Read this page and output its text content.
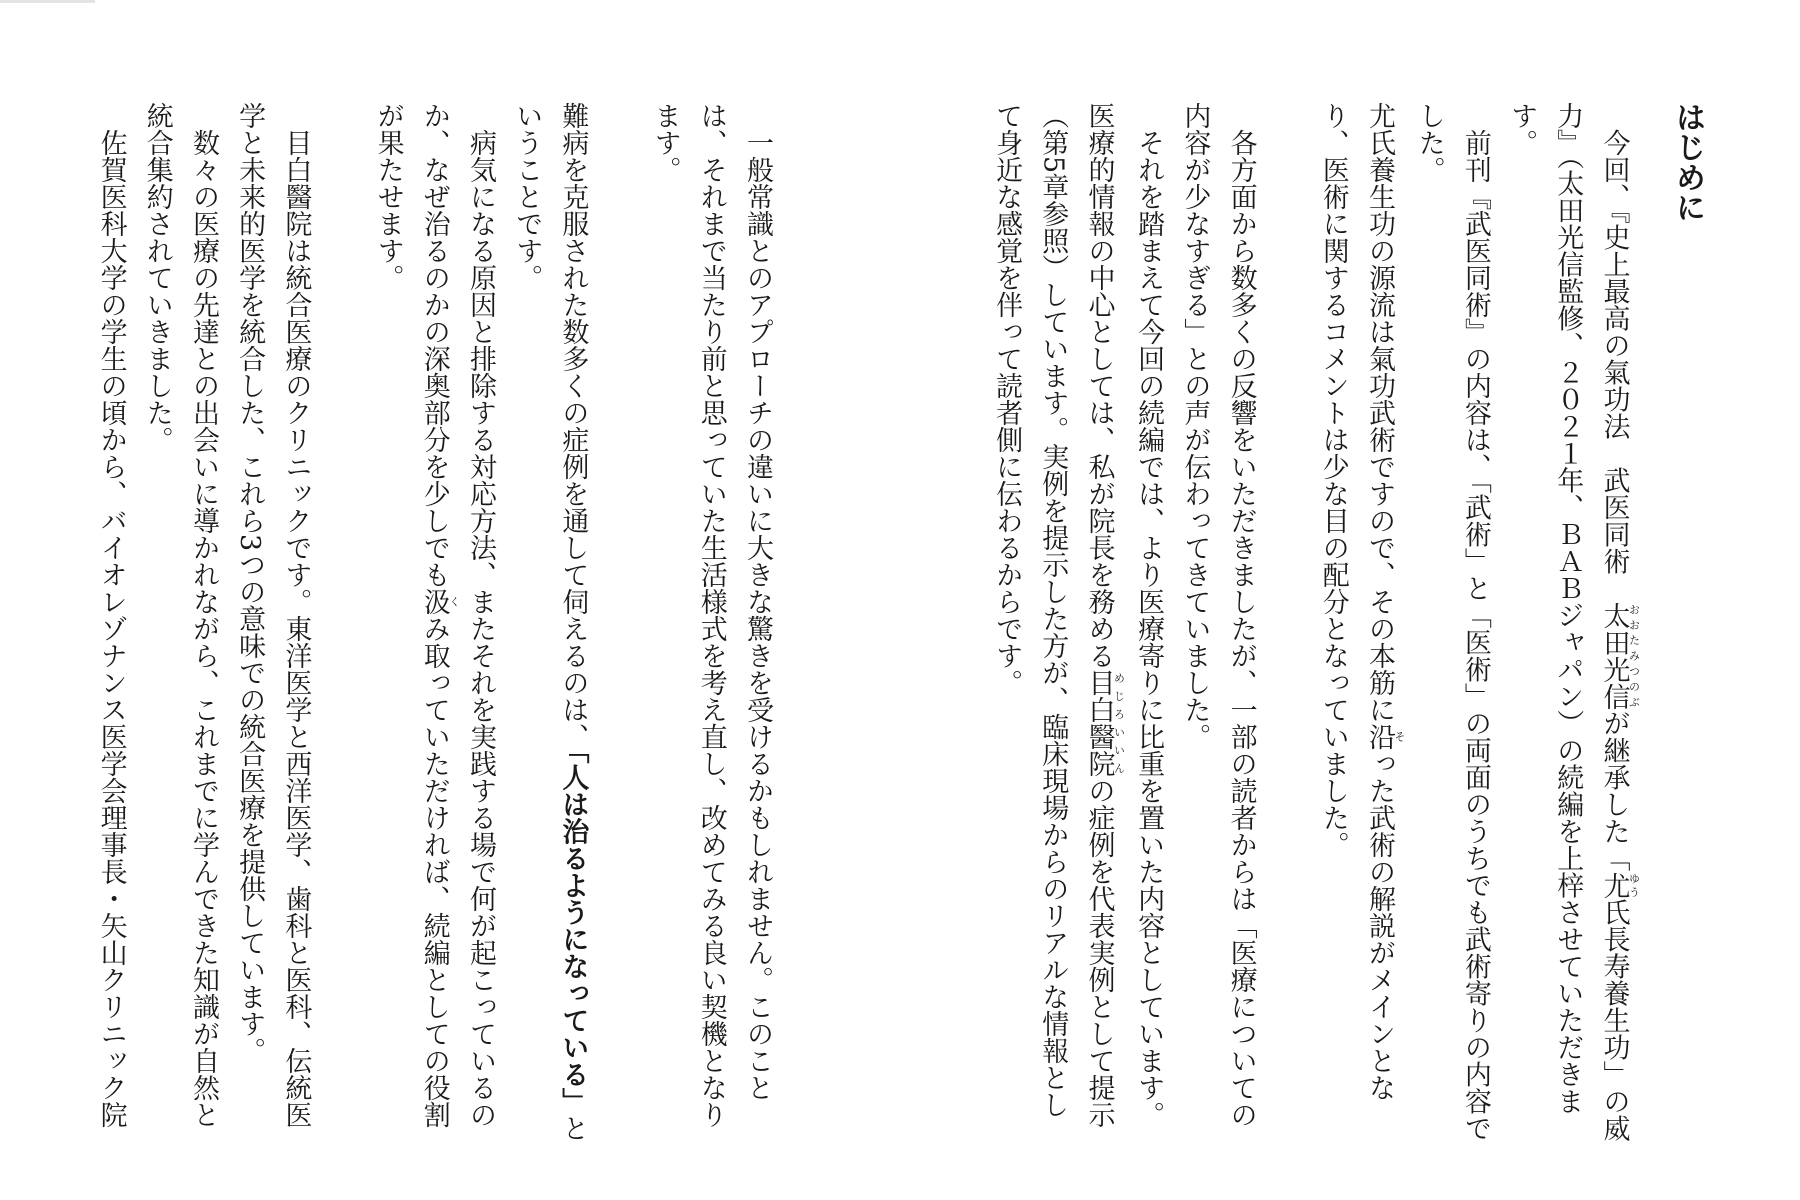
はじめに

今回、『史上最高の氣功法　武医同術　太田光信おおたみつのぶが継承した「尤ゆう氏長寿養生功」の威力』（太田光信監修、２０２１年、ＢＡＢジャパン）の続編を上梓させていただきます。

前刊『武医同術』の内容は、「武術」と「医術」の両面のうちでも武術寄りの内容でした。

尤氏養生功の源流は氣功武術ですので、その本筋に沿そった武術の解説がメインとなり、医術に関するコメントは少な目の配分となっていました。

各方面から数多くの反響をいただきましたが、一部の読者からは「医療についての内容が少なすぎる」との声が伝わってきていました。

それを踏まえて今回の続編では、より医療寄りに比重を置いた内容としています。

医療的情報の中心としては、私が院長を務める目白醫院めじろいいんの症例を代表実例として提示（第5章参照）しています。実例を提示した方が、臨床現場からのリアルな情報として身近な感覚を伴って読者側に伝わるからです。

一般常識とのアプローチの違いに大きな驚きを受けるかもしれません。このことは、それまで当たり前と思っていた生活様式を考え直し、改めてみる良い契機となります。

難病を克服された数多くの症例を通して伺えるのは、「人は治るようになっている」ということです。

病気になる原因と排除する対応方法、またそれを実践する場で何が起こっているのか、なぜ治るのかの深奥部分を少しでも汲くみ取っていただければ、続編としての役割が果たせます。

目白醫院は統合医療のクリニックです。東洋医学と西洋医学、歯科と医科、伝統医学と未来的医学を統合した、これら3つの意味での統合医療を提供しています。

数々の医療の先達との出会いに導かれながら、これまでに学んできた知識が自然と統合集約されていきました。

佐賀医科大学の学生の頃から、バイオレゾナンス医学会理事長・矢山クリニック院
